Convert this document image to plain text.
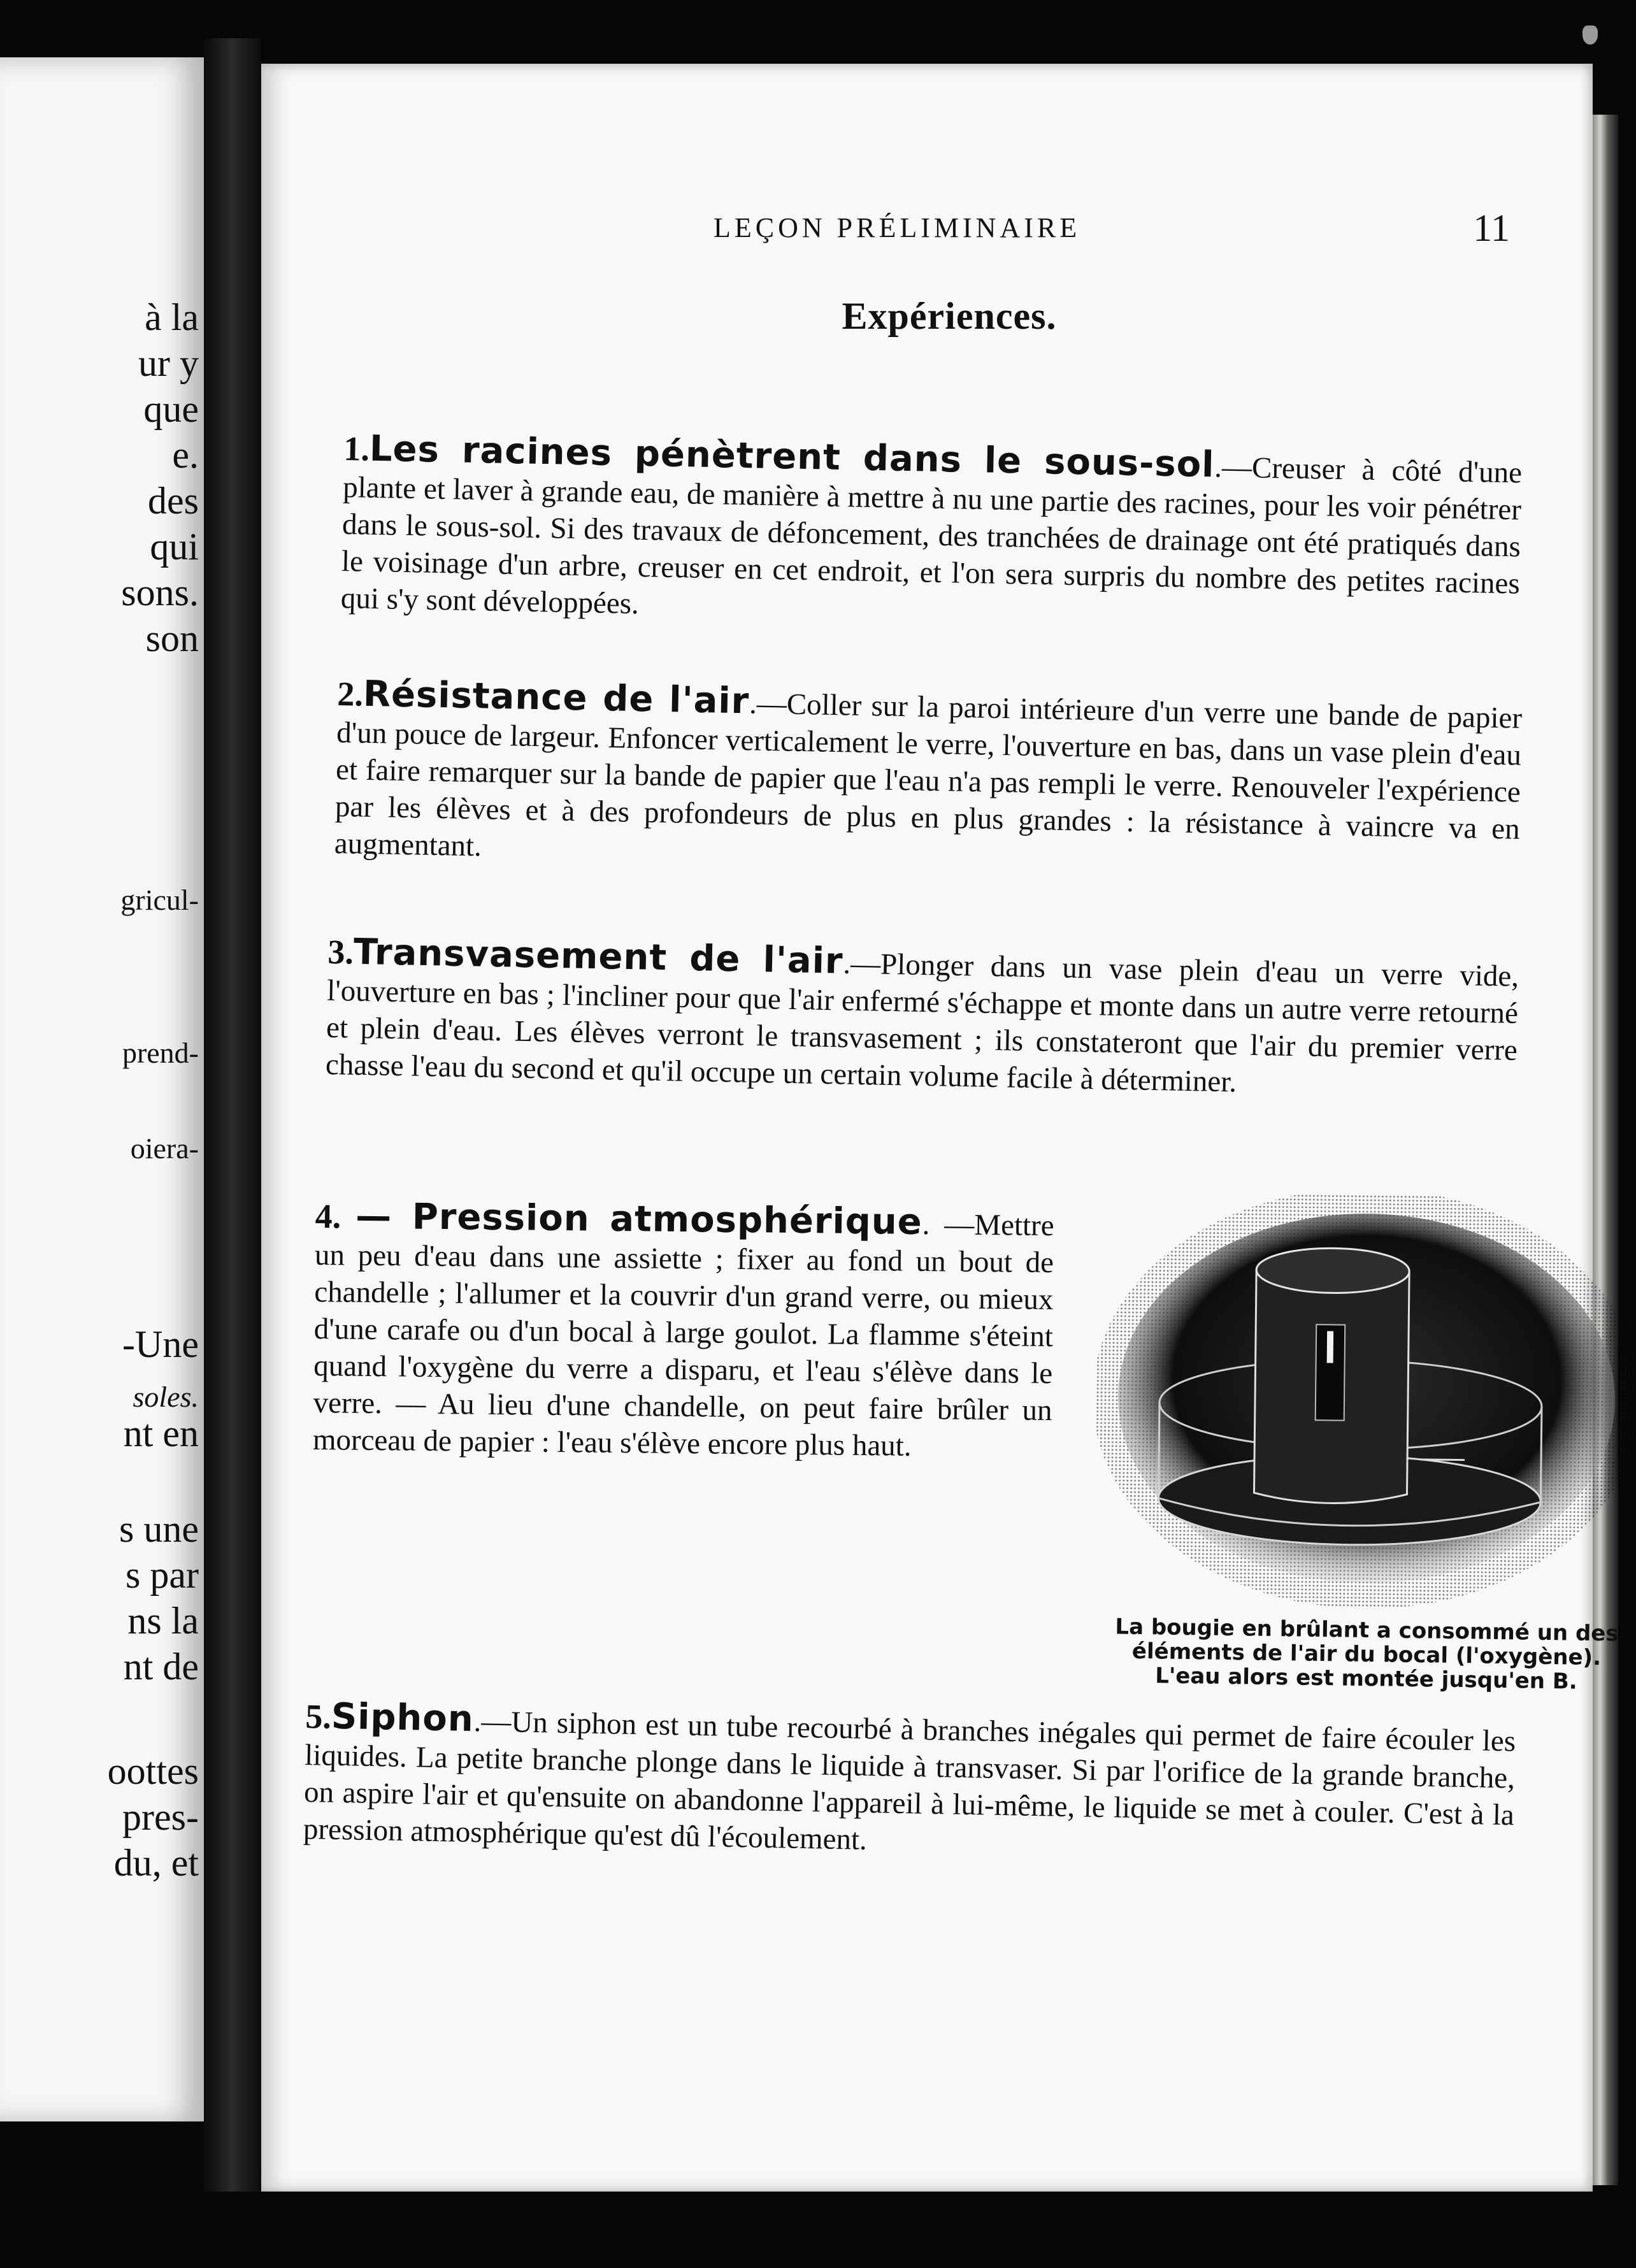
à la
ur y
que
e.
des
qui
sons.
son
gricul-
prend-
oiera-
-Une
soles.
nt en
s une
s par
ns la
nt de
oottes
pres-
du, et
LEÇON PRÉLIMINAIRE	11
Expériences.
1.Les racines pénètrent dans le sous-sol.—Creuser à côté d'une plante et laver à grande eau, de manière à mettre à nu une partie des racines, pour les voir pénétrer dans le sous-sol. Si des travaux de défoncement, des tranchées de drainage ont été pratiqués dans le voisinage d'un arbre, creuser en cet endroit, et l'on sera surpris du nombre des petites racines qui s'y sont développées.
2.Résistance de l'air.—Coller sur la paroi intérieure d'un verre une bande de papier d'un pouce de largeur. Enfoncer verticalement le verre, l'ouverture en bas, dans un vase plein d'eau et faire remarquer sur la bande de papier que l'eau n'a pas rempli le verre. Renouveler l'expérience par les élèves et à des profondeurs de plus en plus grandes : la résistance à vaincre va en augmentant.
3.Transvasement de l'air.—Plonger dans un vase plein d'eau un verre vide, l'ouverture en bas ; l'incliner pour que l'air enfermé s'échappe et monte dans un autre verre retourné et plein d'eau. Les élèves verront le transvasement ; ils constateront que l'air du premier verre chasse l'eau du second et qu'il occupe un certain volume facile à déterminer.
4. — Pression atmosphérique. —Mettre un peu d'eau dans une assiette ; fixer au fond un bout de chandelle ; l'allumer et la couvrir d'un grand verre, ou mieux d'une carafe ou d'un bocal à large goulot. La flamme s'éteint quand l'oxygène du verre a disparu, et l'eau s'élève dans le verre. — Au lieu d'une chandelle, on peut faire brûler un morceau de papier : l'eau s'élève encore plus haut.
La bougie en brûlant a consommé un des
éléments de l'air du bocal (l'oxygène).
L'eau alors est montée jusqu'en B.
5.Siphon.—Un siphon est un tube recourbé à branches inégales qui permet de faire écouler les liquides. La petite branche plonge dans le liquide à transvaser. Si par l'orifice de la grande branche, on aspire l'air et qu'ensuite on abandonne l'appareil à lui-même, le liquide se met à couler. C'est à la pression atmosphérique qu'est dû l'écoulement.
